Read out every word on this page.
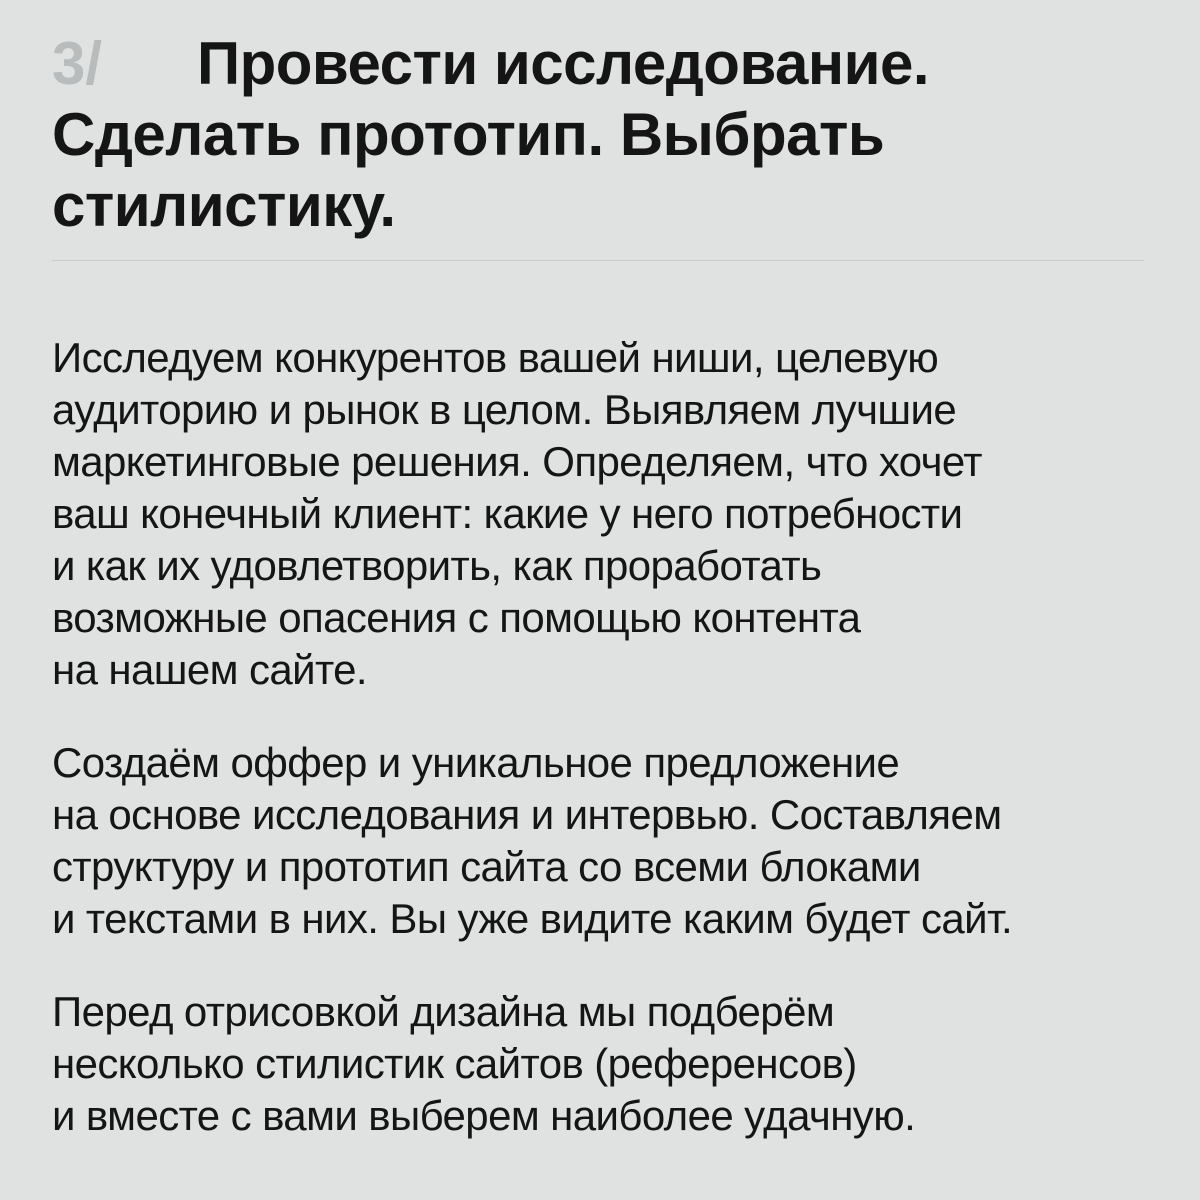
3/ Провести исследование.
Сделать прототип. Выбрать
стилистику.

Исследуем конкурентов вашей ниши, целевую
аудиторию и рынок в целом. Выявляем лучшие
маркетинговые решения. Определяем, что хочет
ваш конечный клиент: какие у него потребности
и как их удовлетворить, как проработать
возможные опасения с помощью контента
на нашем сайте.

Создаём оффер и уникальное предложение
на основе исследования и интервью. Составляем
структуру и прототип сайта со всеми блоками
и текстами в них. Вы уже видите каким будет сайт.

Перед отрисовкой дизайна мы подберём
несколько стилистик сайтов (референсов)
и вместе с вами выберем наиболее удачную.
